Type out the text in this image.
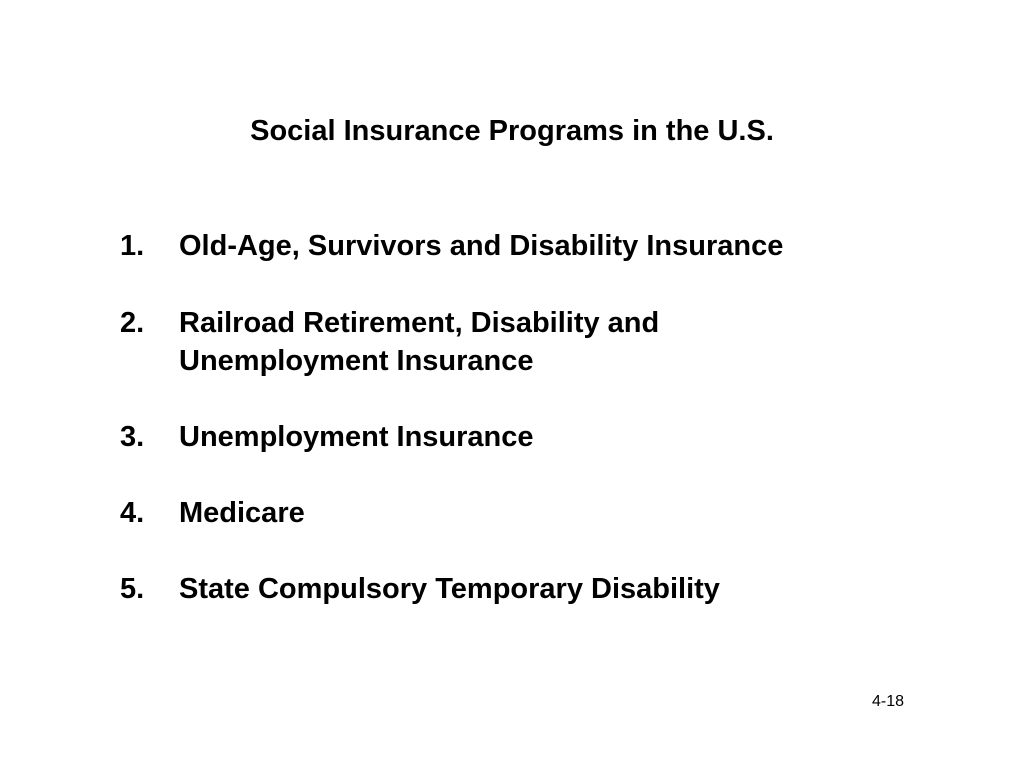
Social Insurance Programs in the U.S.
1. Old-Age, Survivors and Disability Insurance
2. Railroad Retirement, Disability and
Unemployment Insurance
3. Unemployment Insurance
4. Medicare
5. State Compulsory Temporary Disability
4-18
